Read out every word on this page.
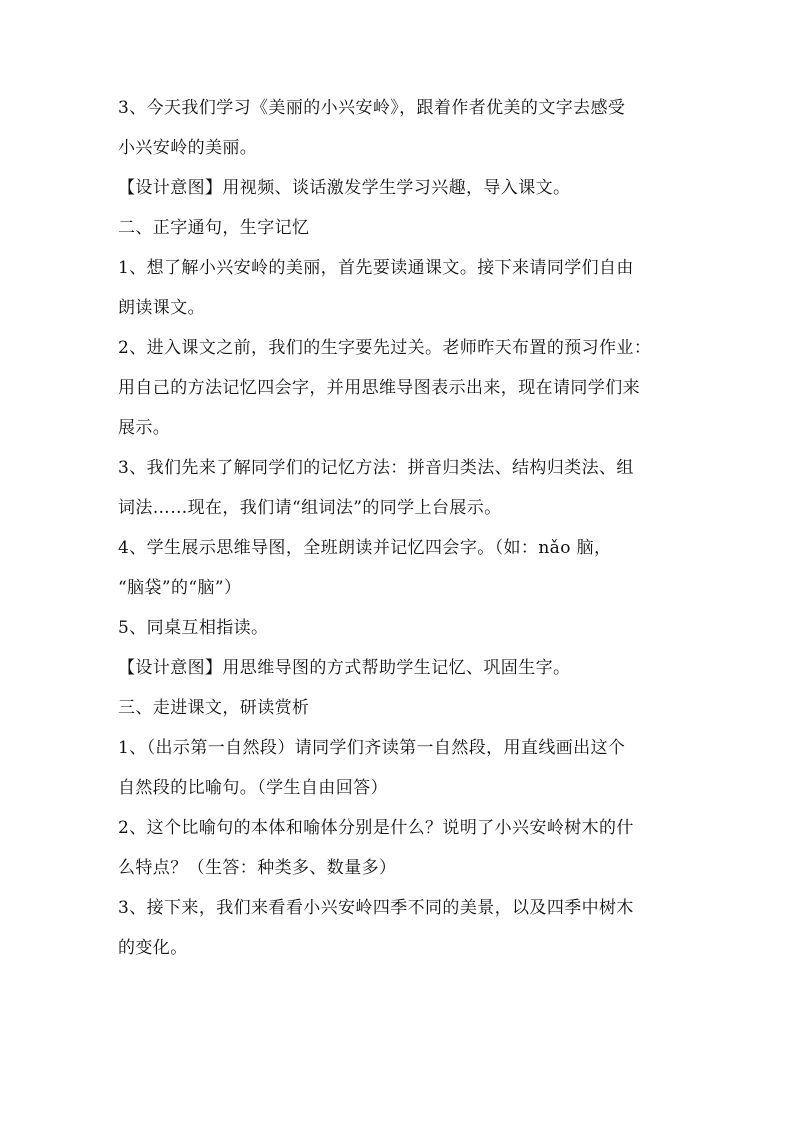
3、今天我们学习《美丽的小兴安岭》，跟着作者优美的文字去感受

小兴安岭的美丽。

【设计意图】用视频、谈话激发学生学习兴趣，导入课文。

二、正字通句，生字记忆

1、想了解小兴安岭的美丽，首先要读通课文。接下来请同学们自由

朗读课文。

2、进入课文之前，我们的生字要先过关。老师昨天布置的预习作业：

用自己的方法记忆四会字，并用思维导图表示出来，现在请同学们来

展示。

3、我们先来了解同学们的记忆方法：拼音归类法、结构归类法、组

词法……现在，我们请“组词法”的同学上台展示。

4、学生展示思维导图，全班朗读并记忆四会字。（如：nǎo 脑，

“脑袋”的“脑”）

5、同桌互相指读。

【设计意图】用思维导图的方式帮助学生记忆、巩固生字。

三、走进课文，研读赏析

1、（出示第一自然段）请同学们齐读第一自然段，用直线画出这个

自然段的比喻句。（学生自由回答）

2、这个比喻句的本体和喻体分别是什么？说明了小兴安岭树木的什

么特点？（生答：种类多、数量多）

3、接下来，我们来看看小兴安岭四季不同的美景，以及四季中树木

的变化。
